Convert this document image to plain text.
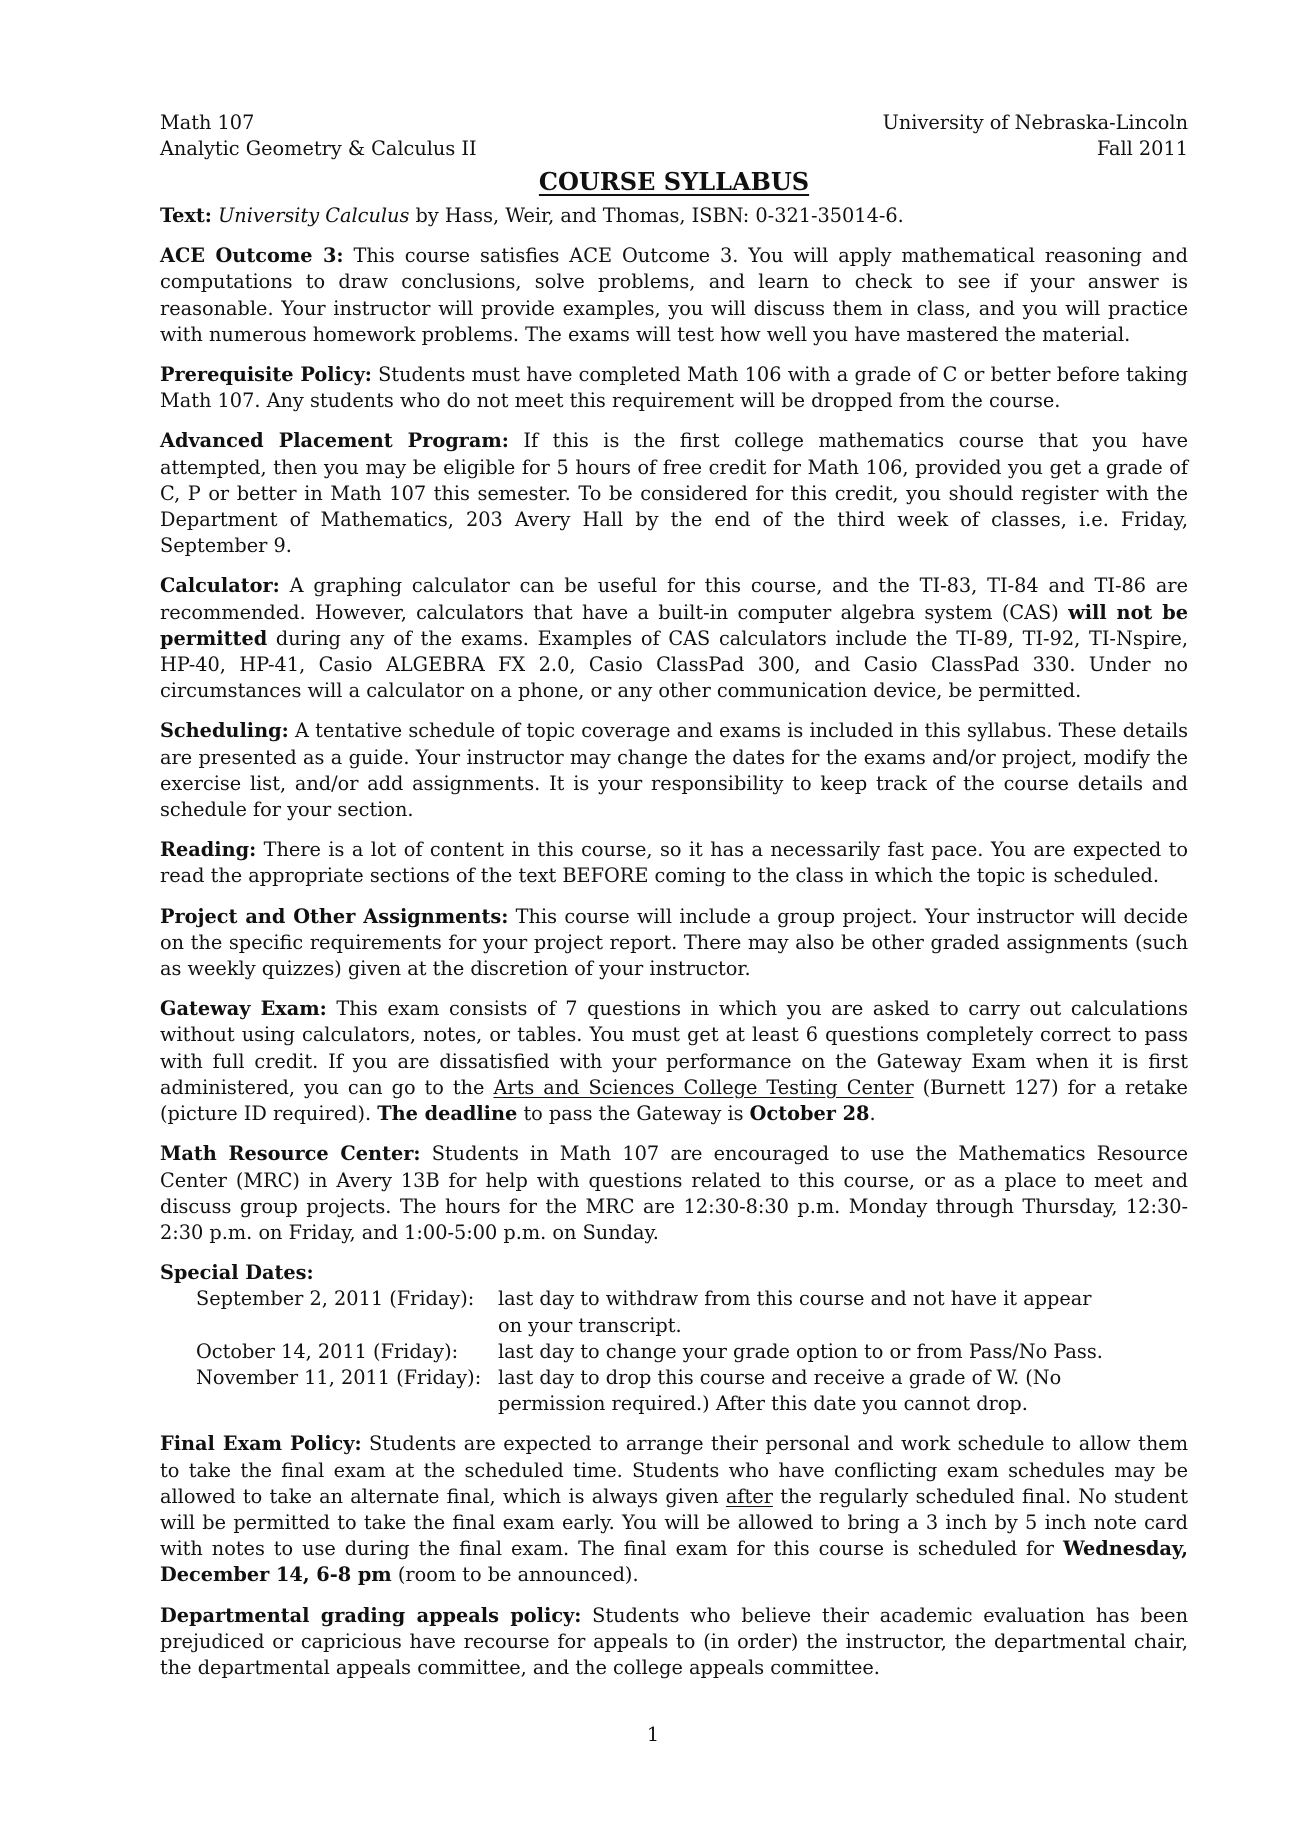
Math 107
Analytic Geometry & Calculus II
University of Nebraska-Lincoln
Fall 2011
COURSE SYLLABUS

Text: University Calculus by Hass, Weir, and Thomas, ISBN: 0-321-35014-6.

ACE Outcome 3: This course satisfies ACE Outcome 3. You will apply mathematical reasoning and computations to draw conclusions, solve problems, and learn to check to see if your answer is reasonable. Your instructor will provide examples, you will discuss them in class, and you will practice with numerous homework problems. The exams will test how well you have mastered the material.

Prerequisite Policy: Students must have completed Math 106 with a grade of C or better before taking Math 107. Any students who do not meet this requirement will be dropped from the course.

Advanced Placement Program: If this is the first college mathematics course that you have attempted, then you may be eligible for 5 hours of free credit for Math 106, provided you get a grade of C, P or better in Math 107 this semester. To be considered for this credit, you should register with the Department of Mathematics, 203 Avery Hall by the end of the third week of classes, i.e. Friday, September 9.

Calculator: A graphing calculator can be useful for this course, and the TI-83, TI-84 and TI-86 are recommended. However, calculators that have a built-in computer algebra system (CAS) will not be permitted during any of the exams. Examples of CAS calculators include the TI-89, TI-92, TI-Nspire, HP-40, HP-41, Casio ALGEBRA FX 2.0, Casio ClassPad 300, and Casio ClassPad 330. Under no circumstances will a calculator on a phone, or any other communication device, be permitted.

Scheduling: A tentative schedule of topic coverage and exams is included in this syllabus. These details are presented as a guide. Your instructor may change the dates for the exams and/or project, modify the exercise list, and/or add assignments. It is your responsibility to keep track of the course details and schedule for your section.

Reading: There is a lot of content in this course, so it has a necessarily fast pace. You are expected to read the appropriate sections of the text BEFORE coming to the class in which the topic is scheduled.

Project and Other Assignments: This course will include a group project. Your instructor will decide on the specific requirements for your project report. There may also be other graded assignments (such as weekly quizzes) given at the discretion of your instructor.

Gateway Exam: This exam consists of 7 questions in which you are asked to carry out calculations without using calculators, notes, or tables. You must get at least 6 questions completely correct to pass with full credit. If you are dissatisfied with your performance on the Gateway Exam when it is first administered, you can go to the Arts and Sciences College Testing Center (Burnett 127) for a retake (picture ID required). The deadline to pass the Gateway is October 28.

Math Resource Center: Students in Math 107 are encouraged to use the Mathematics Resource Center (MRC) in Avery 13B for help with questions related to this course, or as a place to meet and discuss group projects. The hours for the MRC are 12:30-8:30 p.m. Monday through Thursday, 12:30-2:30 p.m. on Friday, and 1:00-5:00 p.m. on Sunday.

Special Dates:
September 2, 2011 (Friday):	last day to withdraw from this course and not have it appear on your transcript.
October 14, 2011 (Friday):	last day to change your grade option to or from Pass/No Pass.
November 11, 2011 (Friday): last day to drop this course and receive a grade of W. (No permission required.) After this date you cannot drop.

Final Exam Policy: Students are expected to arrange their personal and work schedule to allow them to take the final exam at the scheduled time. Students who have conflicting exam schedules may be allowed to take an alternate final, which is always given after the regularly scheduled final. No student will be permitted to take the final exam early. You will be allowed to bring a 3 inch by 5 inch note card with notes to use during the final exam. The final exam for this course is scheduled for Wednesday, December 14, 6-8 pm (room to be announced).

Departmental grading appeals policy: Students who believe their academic evaluation has been prejudiced or capricious have recourse for appeals to (in order) the instructor, the departmental chair, the departmental appeals committee, and the college appeals committee.

1
